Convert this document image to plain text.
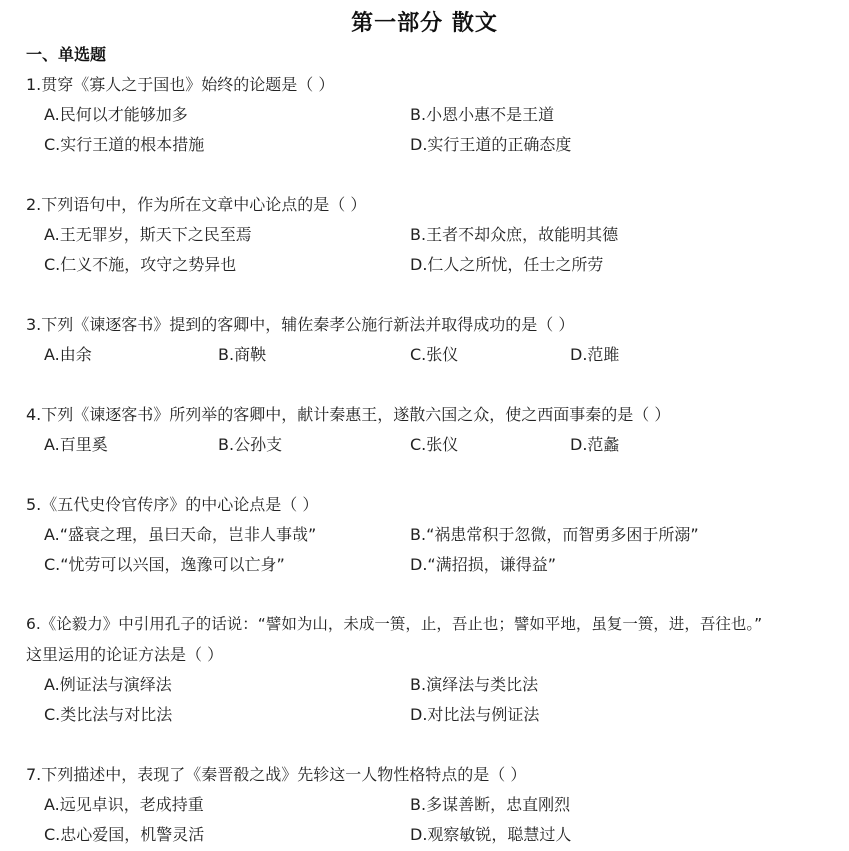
第一部分 散文
一、单选题
1.贯穿《寡人之于国也》始终的论题是（ ）
A.民何以才能够加多	B.小恩小惠不是王道
C.实行王道的根本措施	D.实行王道的正确态度
2.下列语句中，作为所在文章中心论点的是（ ）
A.王无罪岁，斯天下之民至焉	B.王者不却众庶，故能明其德
C.仁义不施，攻守之势异也	D.仁人之所忧，任士之所劳
3.下列《谏逐客书》提到的客卿中，辅佐秦孝公施行新法并取得成功的是（ ）
A.由余	B.商鞅	C.张仪	D.范雎
4.下列《谏逐客书》所列举的客卿中，献计秦惠王，遂散六国之众，使之西面事秦的是（ ）
A.百里奚	B.公孙支	C.张仪	D.范蠡
5.《五代史伶官传序》的中心论点是（ ）
A.“盛衰之理，虽曰天命，岂非人事哉”	B.“祸患常积于忽微，而智勇多困于所溺”
C.“忧劳可以兴国，逸豫可以亡身”	D.“满招损，谦得益”
6.《论毅力》中引用孔子的话说：“譬如为山，未成一篑，止，吾止也；譬如平地，虽复一篑，进，吾往也。”
这里运用的论证方法是（ ）
A.例证法与演绎法	B.演绎法与类比法
C.类比法与对比法	D.对比法与例证法
7.下列描述中，表现了《秦晋殽之战》先轸这一人物性格特点的是（ ）
A.远见卓识，老成持重	B.多谋善断，忠直刚烈
C.忠心爱国，机警灵活	D.观察敏锐，聪慧过人
